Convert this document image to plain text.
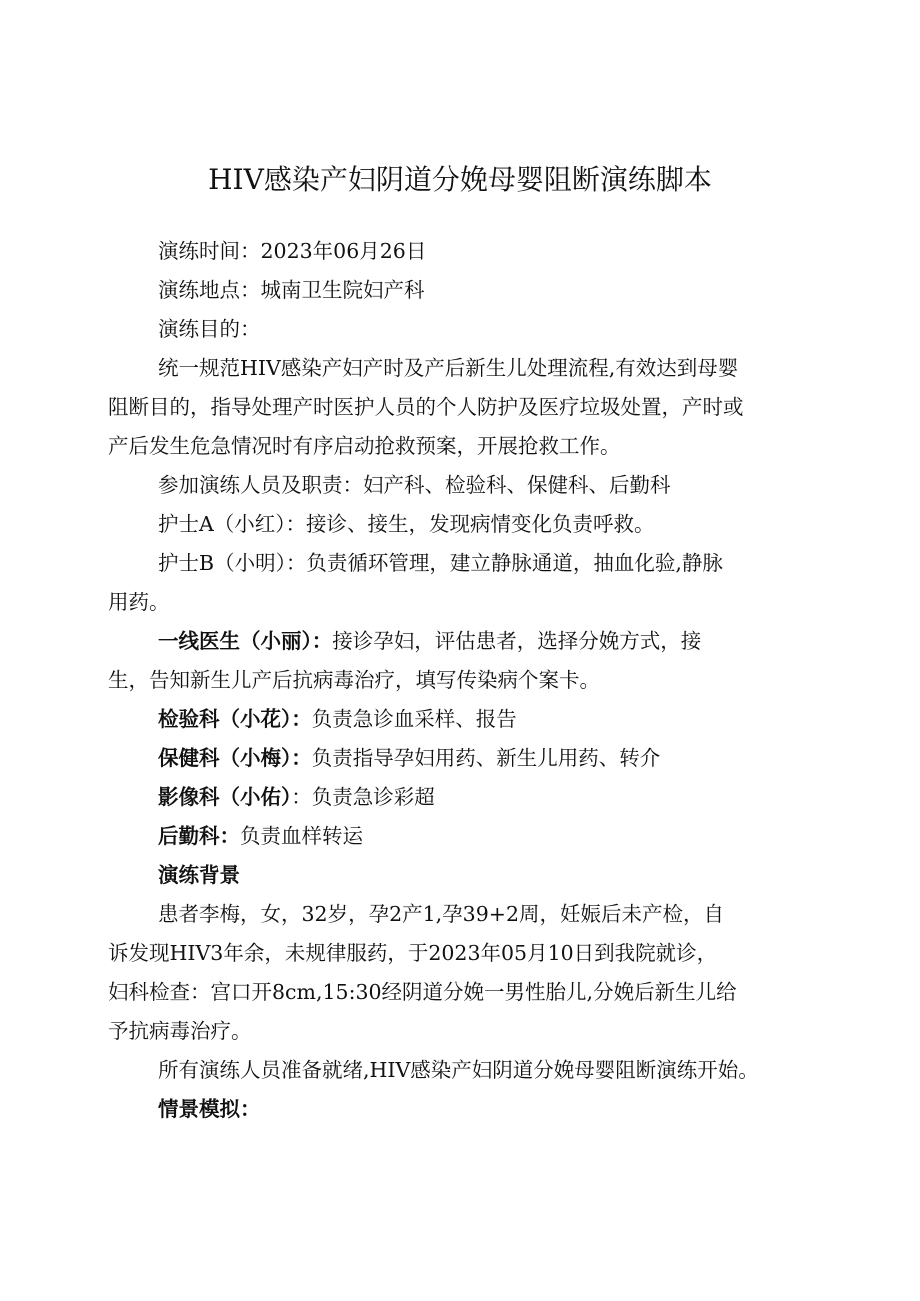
HIV感染产妇阴道分娩母婴阻断演练脚本

演练时间：2023年06月26日

演练地点：城南卫生院妇产科

演练目的：

统一规范HIV感染产妇产时及产后新生儿处理流程,有效达到母婴

阻断目的，指导处理产时医护人员的个人防护及医疗垃圾处置，产时或

产后发生危急情况时有序启动抢救预案，开展抢救工作。

参加演练人员及职责：妇产科、检验科、保健科、后勤科

护士A（小红）：接诊、接生，发现病情变化负责呼救。

护士B（小明）：负责循环管理，建立静脉通道，抽血化验,静脉

用药。

一线医生（小丽）：接诊孕妇，评估患者，选择分娩方式，接

生，告知新生儿产后抗病毒治疗，填写传染病个案卡。

检验科（小花）：负责急诊血采样、报告

保健科（小梅）：负责指导孕妇用药、新生儿用药、转介

影像科（小佑）：负责急诊彩超

后勤科：负责血样转运

演练背景

患者李梅，女，32岁，孕2产1,孕39+2周，妊娠后未产检，自

诉发现HIV3年余，未规律服药，于2023年05月10日到我院就诊，

妇科检查：宫口开8cm,15:30经阴道分娩一男性胎儿,分娩后新生儿给

予抗病毒治疗。

所有演练人员准备就绪,HIV感染产妇阴道分娩母婴阻断演练开始。

情景模拟：
